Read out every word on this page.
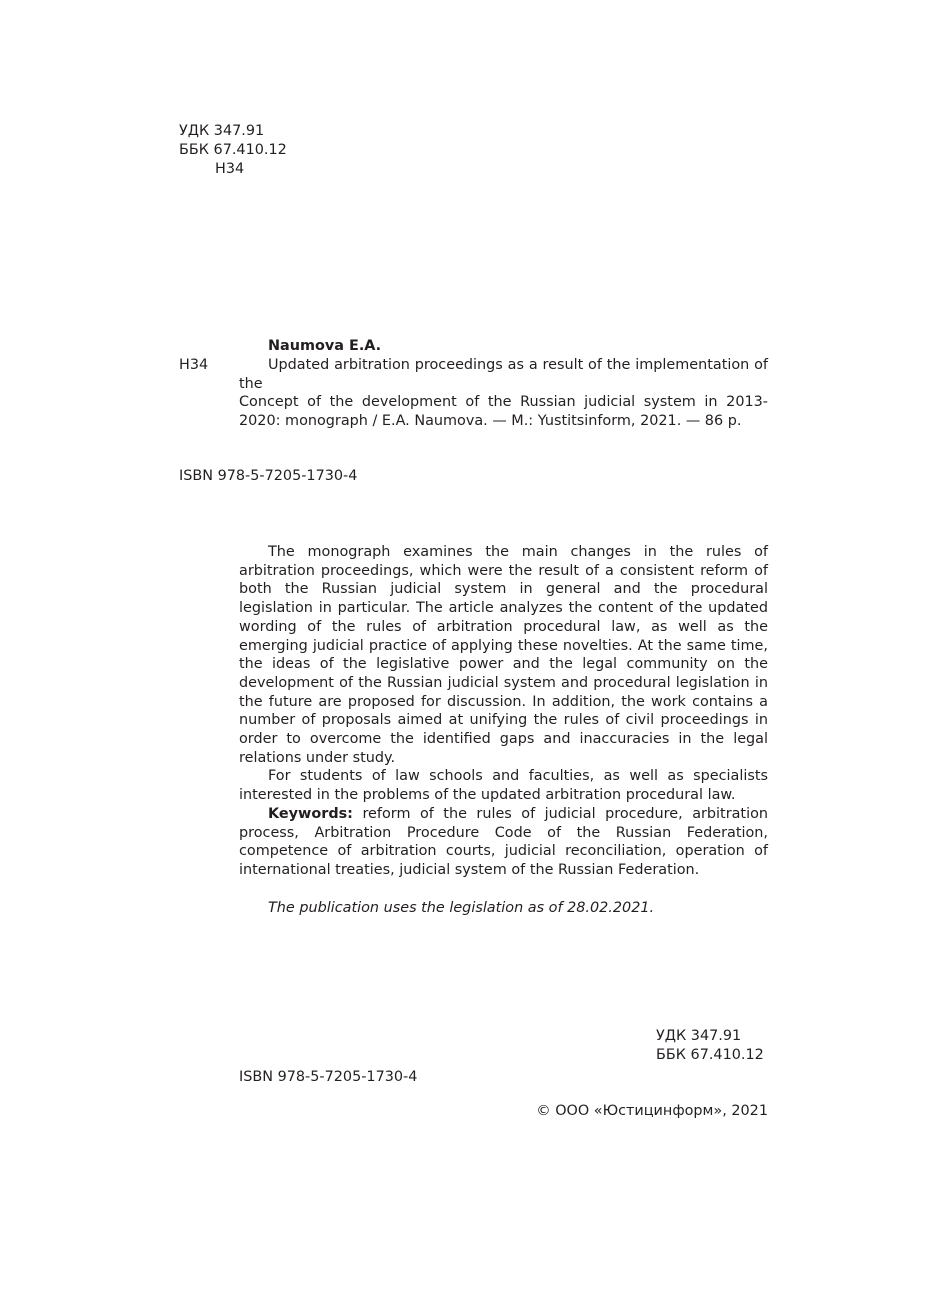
УДК 347.91
ББК 67.410.12
Н34
Naumova E.A.
Н34	Updated arbitration proceedings as a result of the implementation of the

Concept of the development of the Russian judicial system in 2013-2020: monograph / E.A. Naumova. — M.: Yustitsinform, 2021. — 86 p.

ISBN 978-5-7205-1730-4

The monograph examines the main changes in the rules of arbitration proceedings, which were the result of a consistent reform of both the Russian judicial system in general and the procedural legislation in particular. The article analyzes the content of the updated wording of the rules of arbitration procedural law, as well as the emerging judicial practice of applying these novelties. At the same time, the ideas of the legislative power and the legal community on the development of the Russian judicial system and procedural legislation in the future are proposed for discussion. In addition, the work contains a number of proposals aimed at unifying the rules of civil proceedings in order to overcome the identified gaps and inaccuracies in the legal relations under study.

For students of law schools and faculties, as well as specialists interested in the problems of the updated arbitration procedural law.

Keywords: reform of the rules of judicial procedure, arbitration process, Arbitration Procedure Code of the Russian Federation, competence of arbitration courts, judicial reconciliation, operation of international treaties, judicial system of the Russian Federation.

The publication uses the legislation as of 28.02.2021.
УДК 347.91
ББК 67.410.12
ISBN 978-5-7205-1730-4
© ООО «Юстицинформ», 2021
